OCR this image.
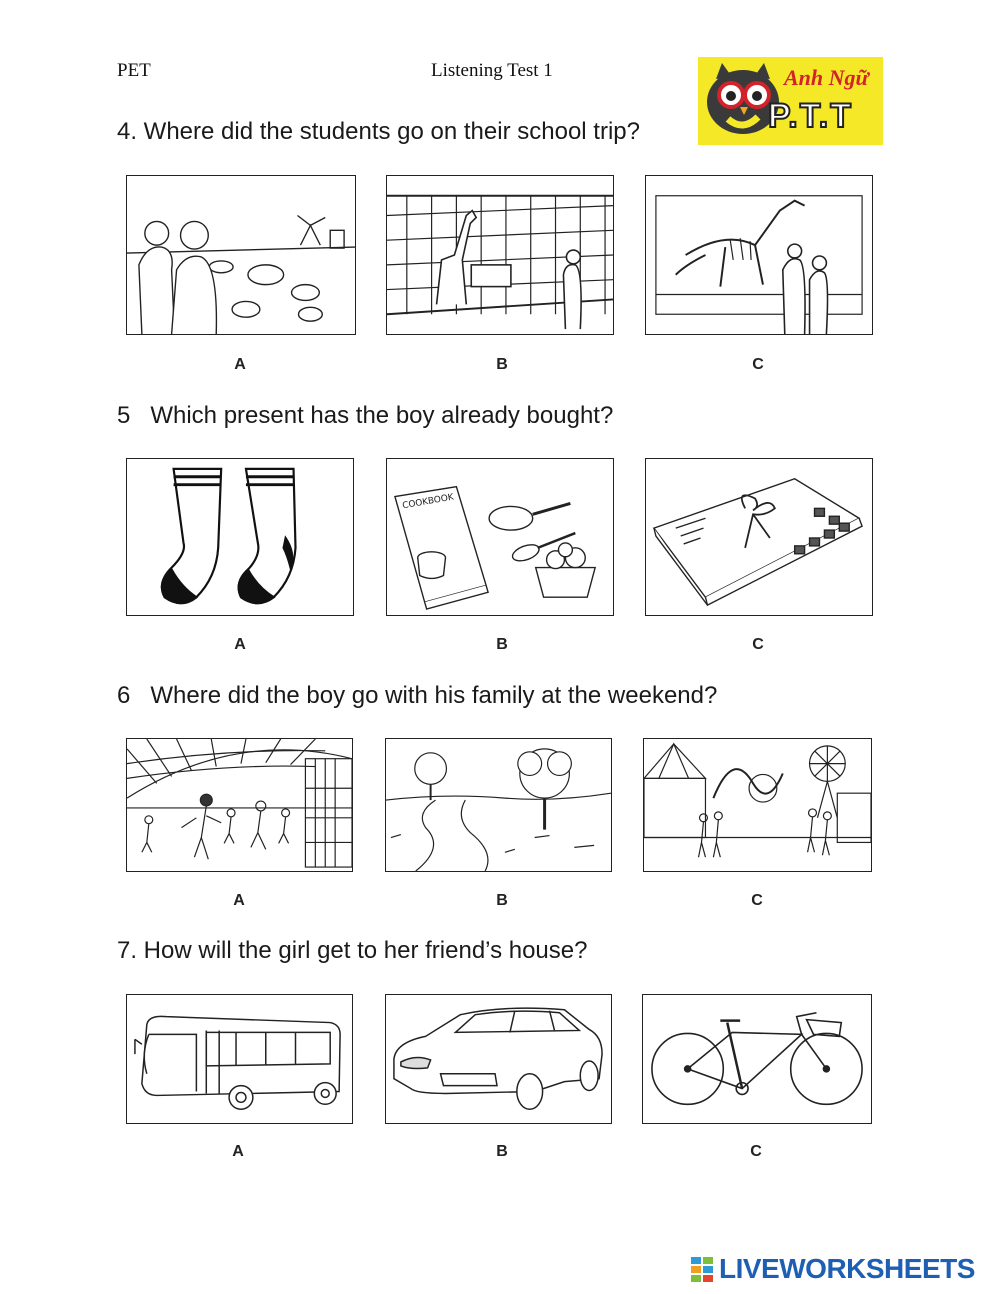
PET	Listening Test 1	Anh Ngữ
P.T.T
4. Where did the students go on their school trip?
5   Which present has the boy already bought?
6   Where did the boy go with his family at the weekend?
7. How will the girl get to her friend’s house?
A	B	C
COOKBOOK
A	B	C
A	B	C
A	B	C
LIVEWORKSHEETS
